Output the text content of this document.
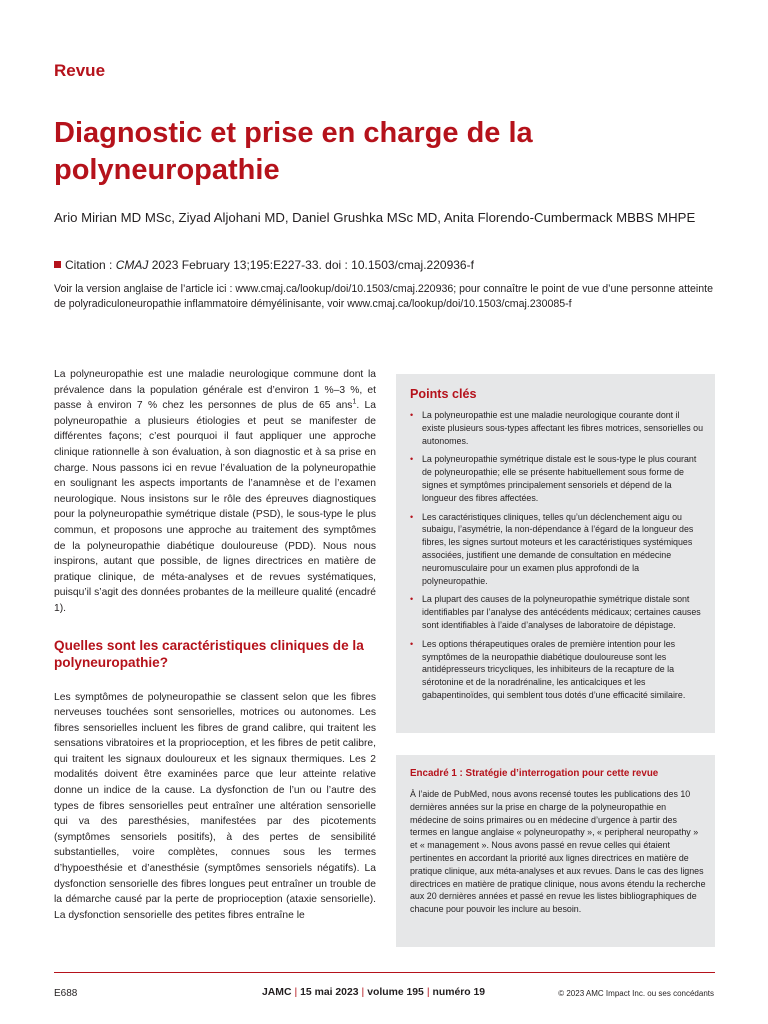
Revue
Diagnostic et prise en charge de la polyneuropathie
Ario Mirian MD MSc, Ziyad Aljohani MD, Daniel Grushka MSc MD, Anita Florendo-Cumbermack MBBS MHPE
Citation : CMAJ 2023 February 13;195:E227-33. doi : 10.1503/cmaj.220936-f
Voir la version anglaise de l’article ici : www.cmaj.ca/lookup/doi/10.1503/cmaj.220936; pour connaître le point de vue d’une personne atteinte de polyradiculoneuropathie inflammatoire démyélinisante, voir www.cmaj.ca/lookup/doi/10.1503/cmaj.230085-f

La polyneuropathie est une maladie neurologique commune dont la prévalence dans la population générale est d’environ 1 %–3 %, et passe à environ 7 % chez les personnes de plus de 65 ans$^1$. La polyneuropathie a plusieurs étiologies et peut se manifester de différentes façons; c’est pourquoi il faut appliquer une approche clinique rationnelle à son évaluation, à son diagnostic et à sa prise en charge. Nous passons ici en revue l’évaluation de la polyneuropathie en soulignant les aspects importants de l’anamnèse et de l’examen neurologique. Nous insistons sur le rôle des épreuves diagnostiques pour la polyneuropathie symétrique distale (PSD), le sous-type le plus commun, et proposons une approche au traitement des symptômes de la polyneuropathie diabétique douloureuse (PDD). Nous nous inspirons, autant que possible, de lignes directrices en matière de pratique clinique, de méta-analyses et de revues systématiques, puisqu’il s’agit des données probantes de la meilleure qualité (encadré 1).

Quelles sont les caractéristiques cliniques de la polyneuropathie?

Les symptômes de polyneuropathie se classent selon que les fibres nerveuses touchées sont sensorielles, motrices ou autonomes. Les fibres sensorielles incluent les fibres de grand calibre, qui traitent les sensations vibratoires et la proprioception, et les fibres de petit calibre, qui traitent les signaux douloureux et les signaux thermiques. Les 2 modalités doivent être examinées parce que leur atteinte relative donne un indice de la cause. La dysfonction de l’un ou l’autre des types de fibres sensorielles peut entraîner une altération sensorielle qui va des paresthésies, manifestées par des picotements (symptômes sensoriels positifs), à des pertes de sensibilité substantielles, voire complètes, connues sous les termes d’hypoesthésie et d’anesthésie (symptômes sensoriels négatifs). La dysfonction sensorielle des fibres longues peut entraîner un trouble de la démarche causé par la perte de proprioception (ataxie sensorielle). La dysfonction sensorielle des petites fibres entraîne le

Points clés
• La polyneuropathie est une maladie neurologique courante dont il existe plusieurs sous-types affectant les fibres motrices, sensorielles ou autonomes.
• La polyneuropathie symétrique distale est le sous-type le plus courant de polyneuropathie; elle se présente habituellement sous forme de signes et symptômes principalement sensoriels et dépend de la longueur des fibres affectées.
• Les caractéristiques cliniques, telles qu’un déclenchement aigu ou subaigu, l’asymétrie, la non-dépendance à l’égard de la longueur des fibres, les signes surtout moteurs et les caractéristiques systémiques associées, justifient une demande de consultation en médecine neuromusculaire pour un examen plus approfondi de la polyneuropathie.
• La plupart des causes de la polyneuropathie symétrique distale sont identifiables par l’analyse des antécédents médicaux; certaines causes sont identifiables à l’aide d’analyses de laboratoire de dépistage.
• Les options thérapeutiques orales de première intention pour les symptômes de la neuropathie diabétique douloureuse sont les antidépresseurs tricycliques, les inhibiteurs de la recapture de la sérotonine et de la noradrénaline, les anticalciques et les gabapentinoïdes, qui semblent tous dotés d’une efficacité similaire.
Encadré 1 : Stratégie d’interrogation pour cette revue

À l’aide de PubMed, nous avons recensé toutes les publications des 10 dernières années sur la prise en charge de la polyneuropathie en médecine de soins primaires ou en médecine d’urgence à partir des termes en langue anglaise « polyneuropathy », « peripheral neuropathy » et « management ». Nous avons passé en revue celles qui étaient pertinentes en accordant la priorité aux lignes directrices en matière de pratique clinique, aux méta-analyses et aux revues. Dans le cas des lignes directrices en matière de pratique clinique, nous avons étendu la recherche aux 20 dernières années et passé en revue les listes bibliographiques de chacune pour pouvoir les inclure au besoin.

E688	JAMC | 15 mai 2023 | volume 195 | numéro 19	© 2023 AMC Impact Inc. ou ses concédants
